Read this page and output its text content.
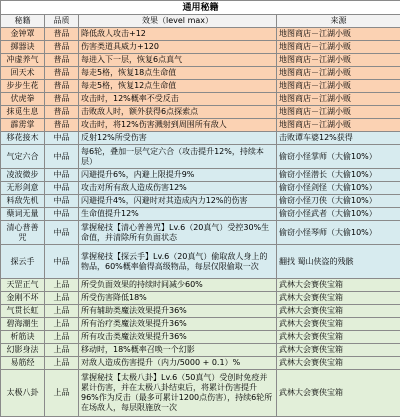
通用秘籍			
秘籍	品质	效果（level max）	来源
金钟罩	普品	降低敌人攻击+12	地图商店－江湖小贩
掷器诀	普品	伤害类道具威力+120	地图商店－江湖小贩
冲虚养气	普品	每进入下一层，恢复6点真气	地图商店－江湖小贩
回天术	普品	每走5格，恢复18点生命值	地图商店－江湖小贩
步步生花	普品	每走5格，恢复12点生命值	地图商店－江湖小贩
伏虎拳	普品	攻击时，12%概率不受反击	地图商店－江湖小贩
抹觅生息	普品	击败敌人时，额外获得6点探索点	地图商店－江湖小贩
霹雳掌	普品	攻击时，将12%伤害溅射到周围所有敌人	地图商店－江湖小贩
移花接木	中品	反射12%所受伤害	击败谭车婆12%获得
气定六合	中品	每6轮，叠加一层气定六合（攻击提升12%，持续本层）	偷窃小怪掌师（大偷10%）
凌波微步	中品	闪避提升6%，内避上限提升9%	偷窃小怪潜长（大偷10%）
无形剑意	中品	攻击对所有敌人造成伤害12%	偷窃小怪剑怪（大偷10%）
料敌先机	中品	闪避提升4%，闪避时对其造成内力12%的伤害	偷窃小怪刀侠（大偷10%）
蘖词无量	中品	生命值提升12%	偷窃小怪武者（大偷10%）
清心普善咒	中品	掌握秘技【清心普善咒】Lv.6（20真气）受控30%生命值，并清除所有负面状态	偷窃小怪琴师（大偷10%）
探云手	中品	掌握秘技【探云手】Lv.6（20真气）偷取敌人身上的物品，60%概率偷得高级物品，每层仅限偷取一次	翻找 蜀山侠盗的残骸
天罡正气	上品	所受负面效果的持续时间减少60%	武林大会赛侠宝箱
金刚不坏	上品	所受伤害降低18%	武林大会赛侠宝箱
气贯长虹	上品	所有辅助类魔法效果提升36%	武林大会赛侠宝箱
碧海潮生	上品	所有治疗类魔法效果提升36%	武林大会赛侠宝箱
析筋诀	上品	所有攻击类魔法效果提升36%	武林大会赛侠宝箱
幻影身法	上品	移动时，18%概率召唤一个幻影	武林大会赛侠宝箱
易筋经	上品	对敌人造成伤害提升（内力/5000 + 0.1）%	武林大会赛侠宝箱
太极八卦	上品	掌握秘技【太极八卦】Lv.6（50真气）受创时免疫并累计伤害，并在太极八卦结束后，将累计伤害提升96%作为反击（最多可累计1200点伤害），持续6轮所在场敌人，每层限施放一次	武林大会赛侠宝箱
